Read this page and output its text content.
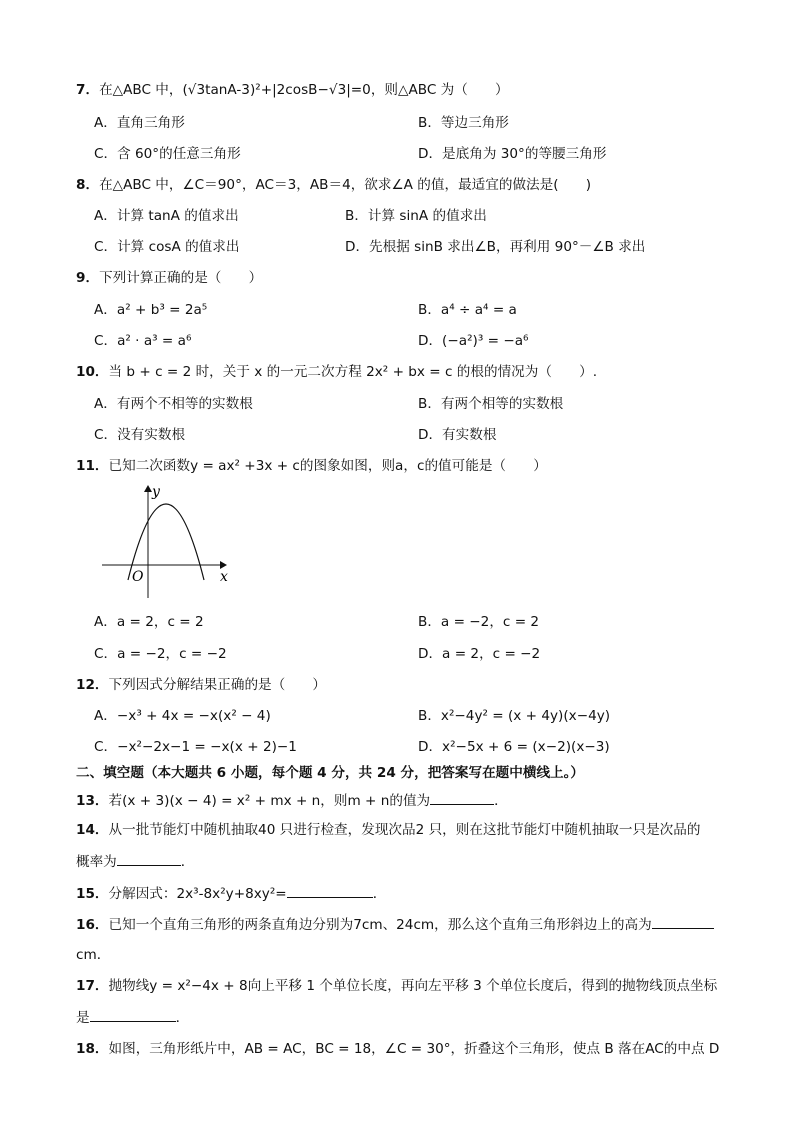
7．在△ABC 中，(√3tanA-3)²+|2cosB−√3|=0，则△ABC 为（　　）
A．直角三角形	B．等边三角形
C．含 60°的任意三角形	D．是底角为 30°的等腰三角形
8．在△ABC 中，∠C＝90°，AC＝3，AB＝4，欲求∠A 的值，最适宜的做法是(　　)
A．计算 tanA 的值求出	B．计算 sinA 的值求出
C．计算 cosA 的值求出	D．先根据 sinB 求出∠B，再利用 90°－∠B 求出
9．下列计算正确的是（　　）
A．a² + b³ = 2a⁵	B．a⁴ ÷ a⁴ = a
C．a² · a³ = a⁶	D．(−a²)³ = −a⁶
10．当 b + c = 2 时，关于 x 的一元二次方程 2x² + bx = c 的根的情况为（　　）.
A．有两个不相等的实数根	B．有两个相等的实数根
C．没有实数根	D．有实数根
11．已知二次函数y = ax² +3x + c的图象如图，则a，c的值可能是（　　）
y
x
O
A．a = 2，c = 2	B．a = −2，c = 2
C．a = −2，c = −2	D．a = 2，c = −2
12．下列因式分解结果正确的是（　　）
A．−x³ + 4x = −x(x² − 4)	B．x²−4y² = (x + 4y)(x−4y)
C．−x²−2x−1 = −x(x + 2)−1	D．x²−5x + 6 = (x−2)(x−3)
二、填空题（本大题共 6 小题，每个题 4 分，共 24 分，把答案写在题中横线上。）
13．若(x + 3)(x − 4) = x² + mx + n，则m + n的值为	．
14．从一批节能灯中随机抽取40 只进行检查，发现次品2 只，则在这批节能灯中随机抽取一只是次品的
概率为	．
15．分解因式：2x³-8x²y+8xy²=	．
16．已知一个直角三角形的两条直角边分别为7cm、24cm，那么这个直角三角形斜边上的高为
cm．
17．抛物线y = x²−4x + 8向上平移 1 个单位长度，再向左平移 3 个单位长度后，得到的抛物线顶点坐标
是	．
18．如图，三角形纸片中，AB = AC，BC = 18，∠C = 30°，折叠这个三角形，使点 B 落在AC的中点 D
